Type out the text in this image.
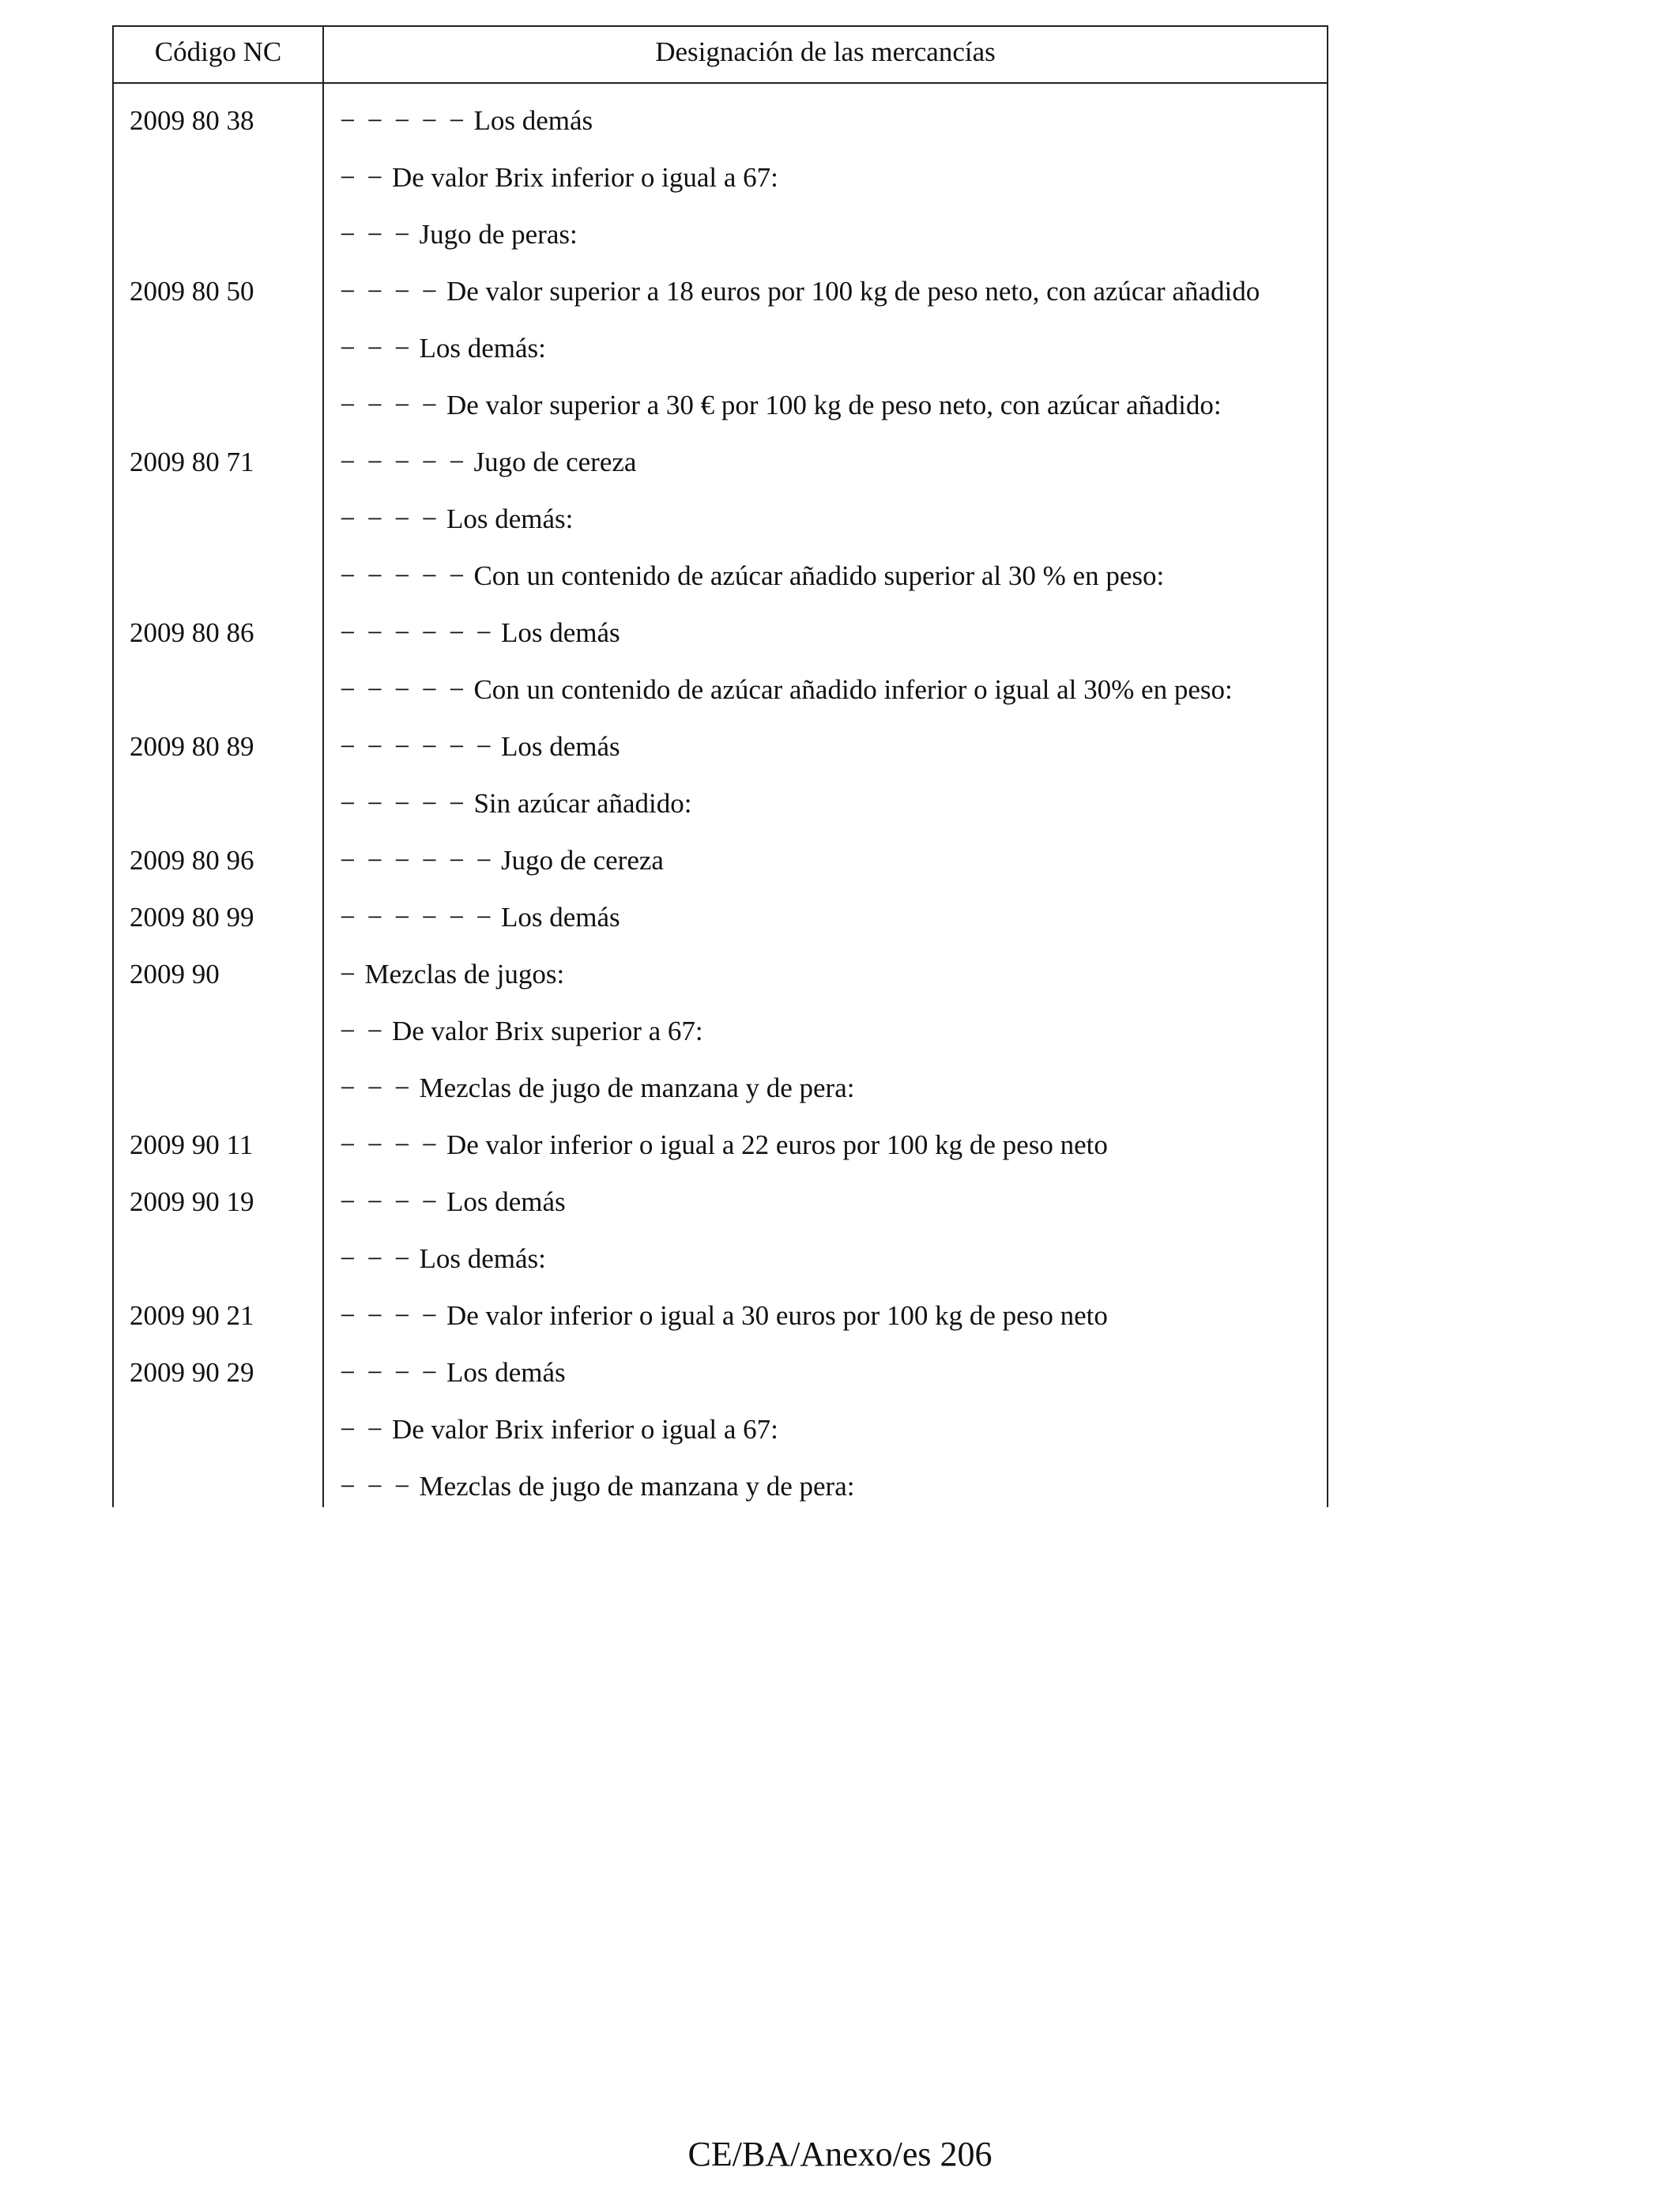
Código NC	Designación de las mercancías
2009 80 38	− − − − − Los demás
− − De valor Brix inferior o igual a 67:
− − − Jugo de peras:
2009 80 50	− − − − De valor superior a 18 euros por 100 kg de peso neto, con azúcar añadido
− − − Los demás:
− − − − De valor superior a 30 € por 100 kg de peso neto, con azúcar añadido:
2009 80 71	− − − − − Jugo de cereza
− − − − Los demás:
− − − − − Con un contenido de azúcar añadido superior al 30 % en peso:
2009 80 86	− − − − − − Los demás
− − − − − Con un contenido de azúcar añadido inferior o igual al 30% en peso:
2009 80 89	− − − − − − Los demás
− − − − − Sin azúcar añadido:
2009 80 96	− − − − − − Jugo de cereza
2009 80 99	− − − − − − Los demás
2009 90	− Mezclas de jugos:
− − De valor Brix superior a 67:
− − − Mezclas de jugo de manzana y de pera:
2009 90 11	− − − − De valor inferior o igual a 22 euros por 100 kg de peso neto
2009 90 19	− − − − Los demás
− − − Los demás:
2009 90 21	− − − − De valor inferior o igual a 30 euros por 100 kg de peso neto
2009 90 29	− − − − Los demás
− − De valor Brix inferior o igual a 67:
− − − Mezclas de jugo de manzana y de pera:
CE/BA/Anexo/es 206
